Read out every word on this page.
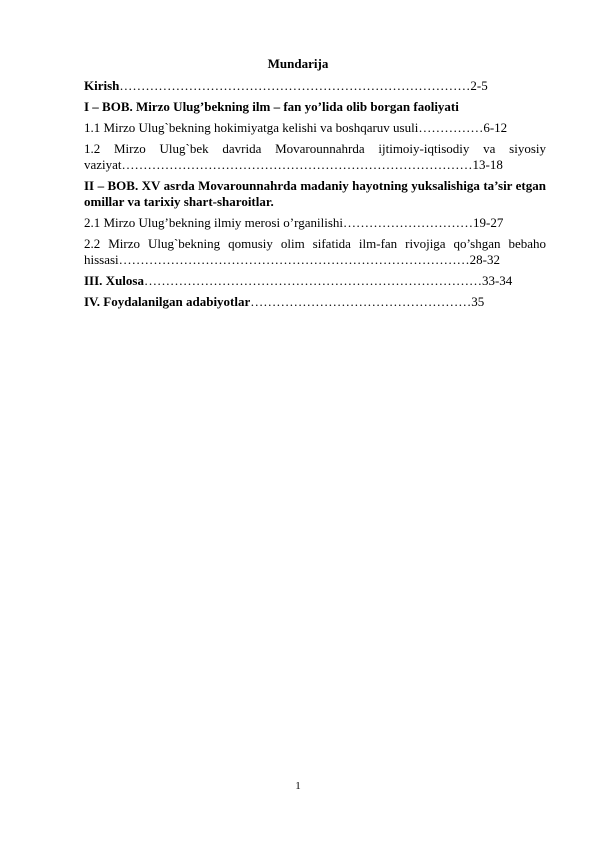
Mundarija
Kirish………………………………………………………………………2-5
I – BOB. Mirzo Ulug’bekning ilm – fan yo’lida olib borgan faoliyati
1.1 Mirzo Ulug`bekning hokimiyatga kelishi va boshqaruv usuli……………6-12
1.2 Mirzo Ulug`bek davrida Movarounnahrda ijtimoiy-iqtisodiy va siyosiy vaziyat………………………………………………………………………13-18
II – BOB. XV asrda Movarounnahrda madaniy hayotning yuksalishiga ta’sir etgan omillar va tarixiy shart-sharoitlar.
2.1 Mirzo Ulug’bekning ilmiy merosi o’rganilishi…………………………19-27
2.2 Mirzo Ulug`bekning qomusiy olim sifatida ilm-fan rivojiga qo’shgan bebaho hissasi………………………………………………………………………28-32
III. Xulosa……………………………………………………………………33-34
IV. Foydalanilgan adabiyotlar……………………………………………35
1
